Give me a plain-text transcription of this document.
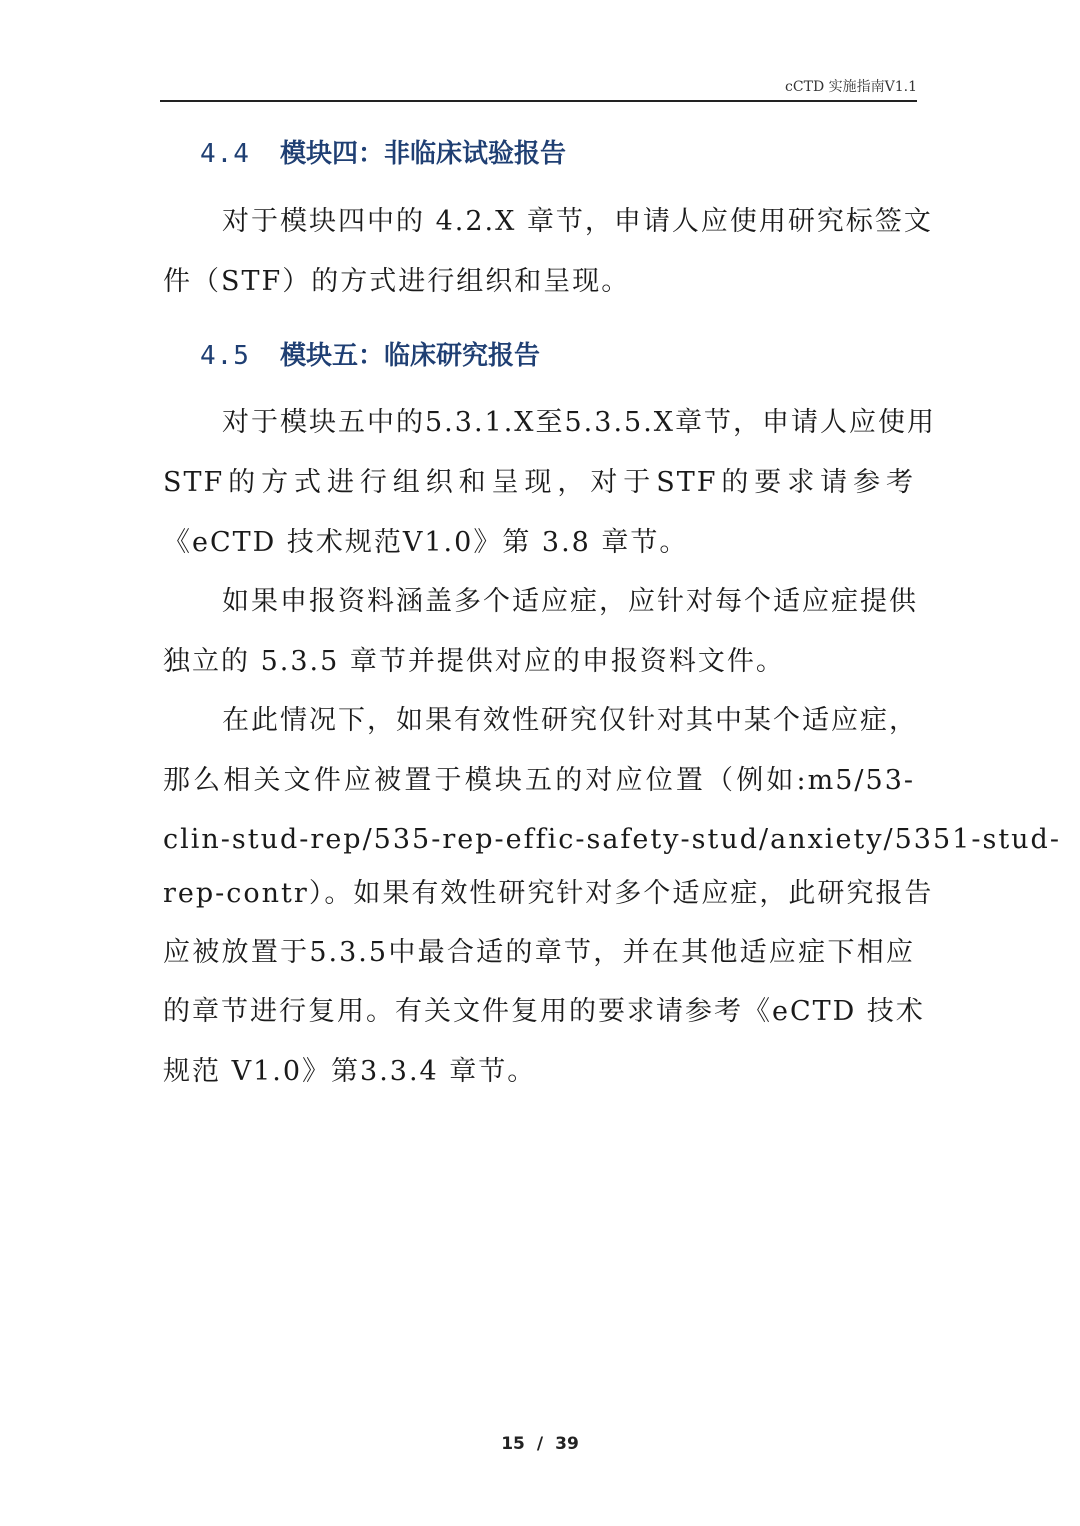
cCTD 实施指南V1.1
4.4 模块四：非临床试验报告
对于模块四中的 4.2.X 章节，申请人应使用研究标签文
件（STF）的方式进行组织和呈现。
4.5 模块五：临床研究报告
对于模块五中的5.3.1.X至5.3.5.X章节，申请人应使用
STF的方式进行组织和呈现，对于STF的要求请参考
《eCTD 技术规范V1.0》第 3.8 章节。
如果申报资料涵盖多个适应症，应针对每个适应症提供
独立的 5.3.5 章节并提供对应的申报资料文件。
在此情况下，如果有效性研究仅针对其中某个适应症，
那么相关文件应被置于模块五的对应位置（例如:m5/53-
clin-stud-rep/535-rep-effic-safety-stud/anxiety/5351-stud-
rep-contr）。如果有效性研究针对多个适应症，此研究报告
应被放置于5.3.5中最合适的章节，并在其他适应症下相应
的章节进行复用。有关文件复用的要求请参考《eCTD 技术
规范 V1.0》第3.3.4 章节。
15 / 39
